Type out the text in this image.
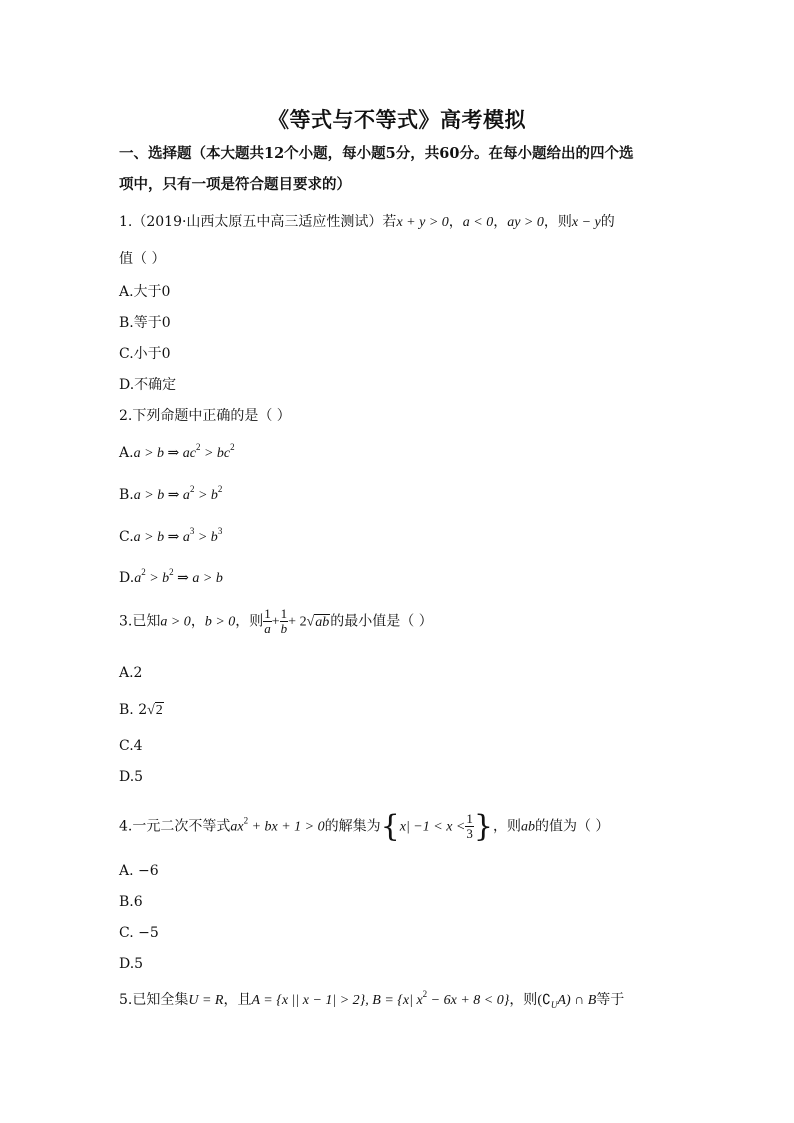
《等式与不等式》高考模拟
一、选择题（本大题共12个小题，每小题5分，共60分。在每小题给出的四个选
项中，只有一项是符合题目要求的）
1.（2019·山西太原五中高三适应性测试）若x + y > 0，a < 0，ay > 0，则x − y的
值（ ）
A.大于0
B.等于0
C.小于0
D.不确定
2.下列命题中正确的是（ ）
A.a > b ⇒ $ac^2 > bc^2$
B.a > b ⇒ $a^2 > b^2$
C.a > b ⇒ $a^3 > b^3$
$D.a^2 > b^2$ ⇒ a > b
3.已知a > 0，b > 0，则 $\frac{1}{a} + \frac{1}{b} + 2√ab$的最小值是（ ）
A.2
B. 2√2
C.4
D.5
4.一元二次不等式$ax^2$ + bx + 1 > 0的解集为{$x| -1 < x < \frac{1}{3}$ }，则ab的值为（ ）
A. −6
B.6
C. −5
D.5
5.已知全集U = R，且A = {x || x − 1| > 2}, B = {x| $x^2 - 6x + 8 < 0$}，则$(∁_UA)$ ∩ B等于
